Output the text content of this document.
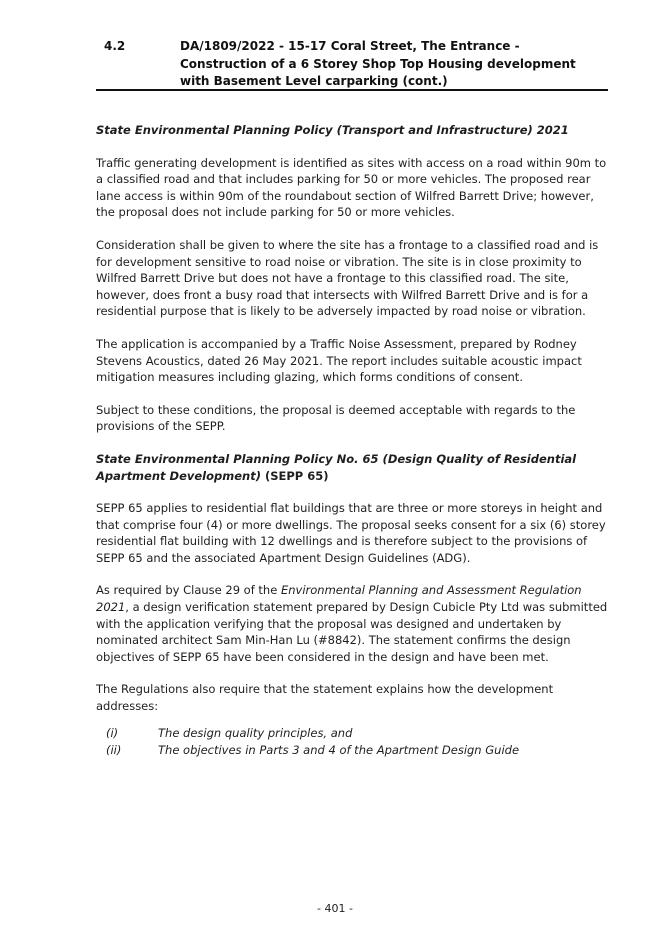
4.2	DA/1809/2022 - 15-17 Coral Street, The Entrance - Construction of a 6 Storey Shop Top Housing development with Basement Level carparking (cont.)
State Environmental Planning Policy (Transport and Infrastructure) 2021

Traffic generating development is identified as sites with access on a road within 90m to a classified road and that includes parking for 50 or more vehicles. The proposed rear lane access is within 90m of the roundabout section of Wilfred Barrett Drive; however, the proposal does not include parking for 50 or more vehicles.

Consideration shall be given to where the site has a frontage to a classified road and is for development sensitive to road noise or vibration. The site is in close proximity to Wilfred Barrett Drive but does not have a frontage to this classified road. The site, however, does front a busy road that intersects with Wilfred Barrett Drive and is for a residential purpose that is likely to be adversely impacted by road noise or vibration.

The application is accompanied by a Traffic Noise Assessment, prepared by Rodney Stevens Acoustics, dated 26 May 2021. The report includes suitable acoustic impact mitigation measures including glazing, which forms conditions of consent.

Subject to these conditions, the proposal is deemed acceptable with regards to the provisions of the SEPP.

State Environmental Planning Policy No. 65 (Design Quality of Residential Apartment Development) (SEPP 65)

SEPP 65 applies to residential flat buildings that are three or more storeys in height and that comprise four (4) or more dwellings. The proposal seeks consent for a six (6) storey residential flat building with 12 dwellings and is therefore subject to the provisions of SEPP 65 and the associated Apartment Design Guidelines (ADG).

As required by Clause 29 of the Environmental Planning and Assessment Regulation 2021, a design verification statement prepared by Design Cubicle Pty Ltd was submitted with the application verifying that the proposal was designed and undertaken by nominated architect Sam Min-Han Lu (#8842). The statement confirms the design objectives of SEPP 65 have been considered in the design and have been met.

The Regulations also require that the statement explains how the development addresses:

(i)	The design quality principles, and
(ii)	The objectives in Parts 3 and 4 of the Apartment Design Guide
- 401 -
